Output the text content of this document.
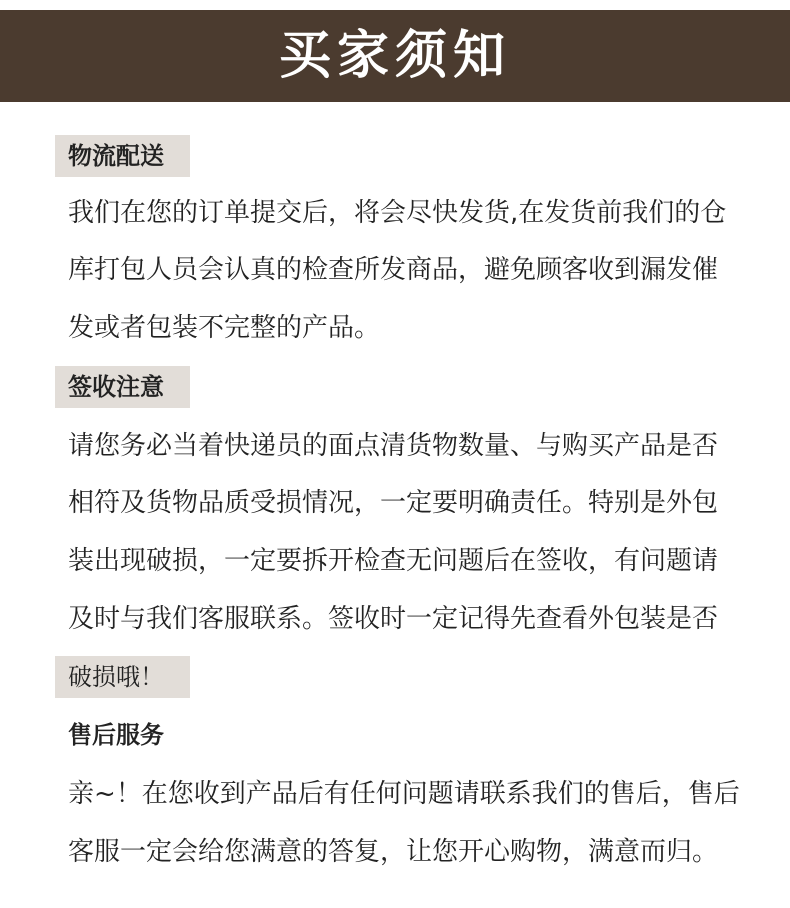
买家须知
物流配送
我们在您的订单提交后，将会尽快发货,在发货前我们的仓
库打包人员会认真的检查所发商品，避免顾客收到漏发催
发或者包装不完整的产品。
签收注意
请您务必当着快递员的面点清货物数量、与购买产品是否
相符及货物品质受损情况，一定要明确责任。特别是外包
装出现破损，一定要拆开检查无问题后在签收，有问题请
及时与我们客服联系。签收时一定记得先查看外包装是否
破损哦！
售后服务
亲~！在您收到产品后有任何问题请联系我们的售后，售后
客服一定会给您满意的答复，让您开心购物，满意而归。
